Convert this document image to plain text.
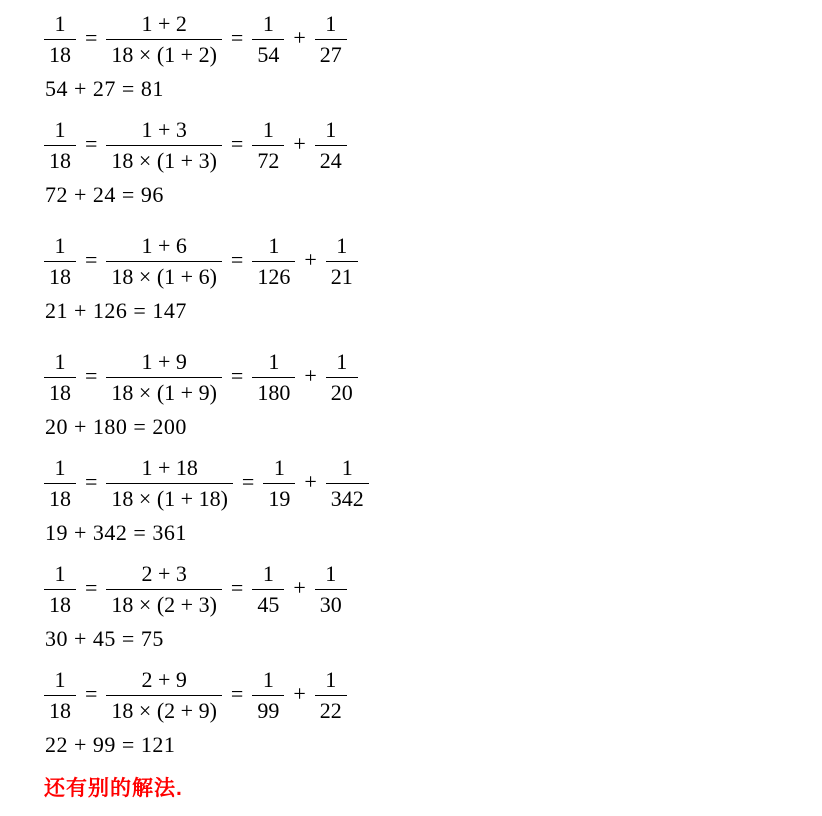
$\frac{1}{18} = \frac{1 + 2}{18 \times (1 + 2)} = \frac{1}{54} + \frac{1}{27}$
54 + 27 = 81
$\frac{1}{18} = \frac{1 + 3}{18 \times (1 + 3)} = \frac{1}{72} + \frac{1}{24}$
72 + 24 = 96
$\frac{1}{18} = \frac{1 + 6}{18 \times (1 + 6)} = \frac{1}{126} + \frac{1}{21}$
21 + 126 = 147
$\frac{1}{18} = \frac{1 + 9}{18 \times (1 + 9)} = \frac{1}{180} + \frac{1}{20}$
20 + 180 = 200
$\frac{1}{18} = \frac{1 + 18}{18 \times (1 + 18)} = \frac{1}{19} + \frac{1}{342}$
19 + 342 = 361
$\frac{1}{18} = \frac{2 + 3}{18 \times (2 + 3)} = \frac{1}{45} + \frac{1}{30}$
30 + 45 = 75
$\frac{1}{18} = \frac{2 + 9}{18 \times (2 + 9)} = \frac{1}{99} + \frac{1}{22}$
22 + 99 = 121
还有别的解法.
